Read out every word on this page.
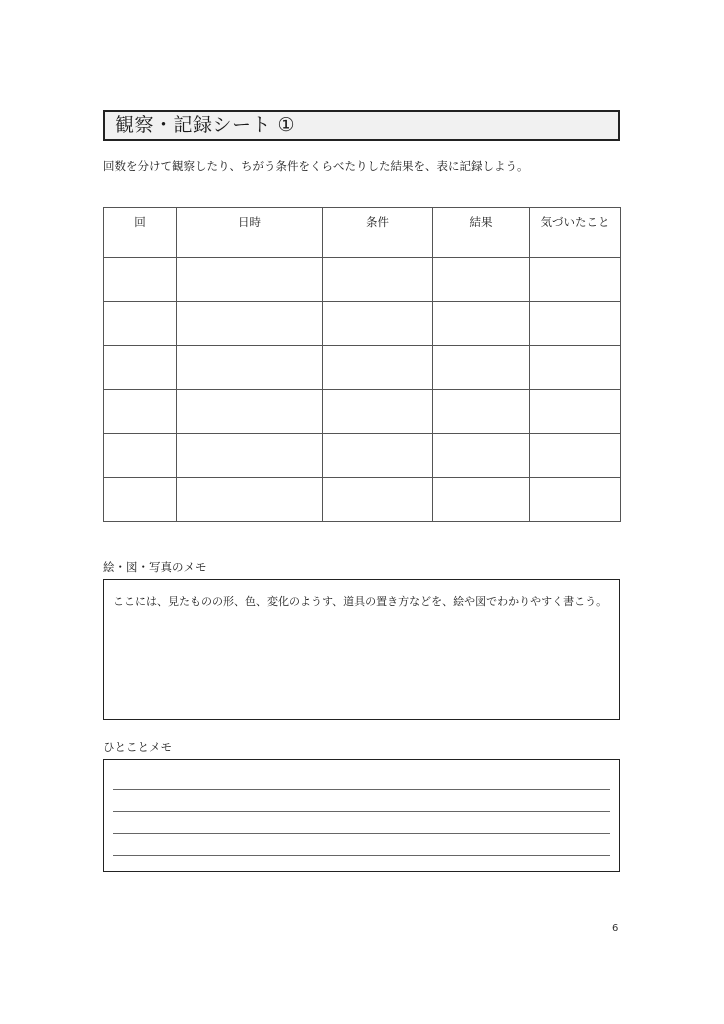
観察・記録シート ①
回数を分けて観察したり、ちがう条件をくらべたりした結果を、表に記録しよう。
回	日時	条件	結果	気づいたこと

絵・図・写真のメモ
ここには、見たものの形、色、変化のようす、道具の置き方などを、絵や図でわかりやすく書こう。
ひとことメモ
6
